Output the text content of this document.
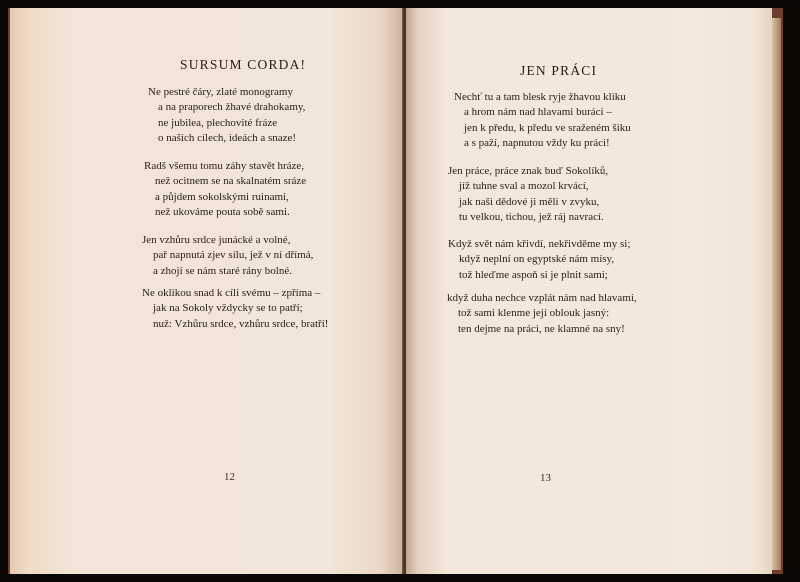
SURSUM CORDA!
Ne pestré čáry, zlaté monogramy
a na praporech žhavé drahokamy,
ne jubilea, plechovité fráze
o našich cílech, ideách a snaze!
Radš všemu tomu záhy stavět hráze,
než ocitnem se na skalnatém sráze
a půjdem sokolskými ruinami,
než ukováme pouta sobě sami.
Jen vzhůru srdce junácké a volné,
pař napnutá zjev sílu, jež v ní dřímá,
a zhojí se nám staré rány bolné.
Ne oklikou snad k cíli svému – zpříma –
jak na Sokoly vždycky se to patří;
nuž: Vzhůru srdce, vzhůru srdce, bratří!
12
JEN PRÁCI
Nechť tu a tam blesk ryje žhavou kliku
a hrom nám nad hlavami burácí –
jen k předu, k předu ve sraženém šiku
a s paží, napnutou vždy ku práci!
Jen práce, práce znak buď Sokolíků,
jíž tuhne sval a mozol krvácí,
jak naši dědové ji měli v zvyku,
tu velkou, tichou, jež ráj navrací.
Když svět nám křivdí, nekřivděme my si;
když neplní on egyptské nám mísy,
tož hleďme aspoň si je plnit sami;
když duha nechce vzplát nám nad hlavami,
tož sami klenme její oblouk jasný:
ten dejme na práci, ne klamné na sny!
13
